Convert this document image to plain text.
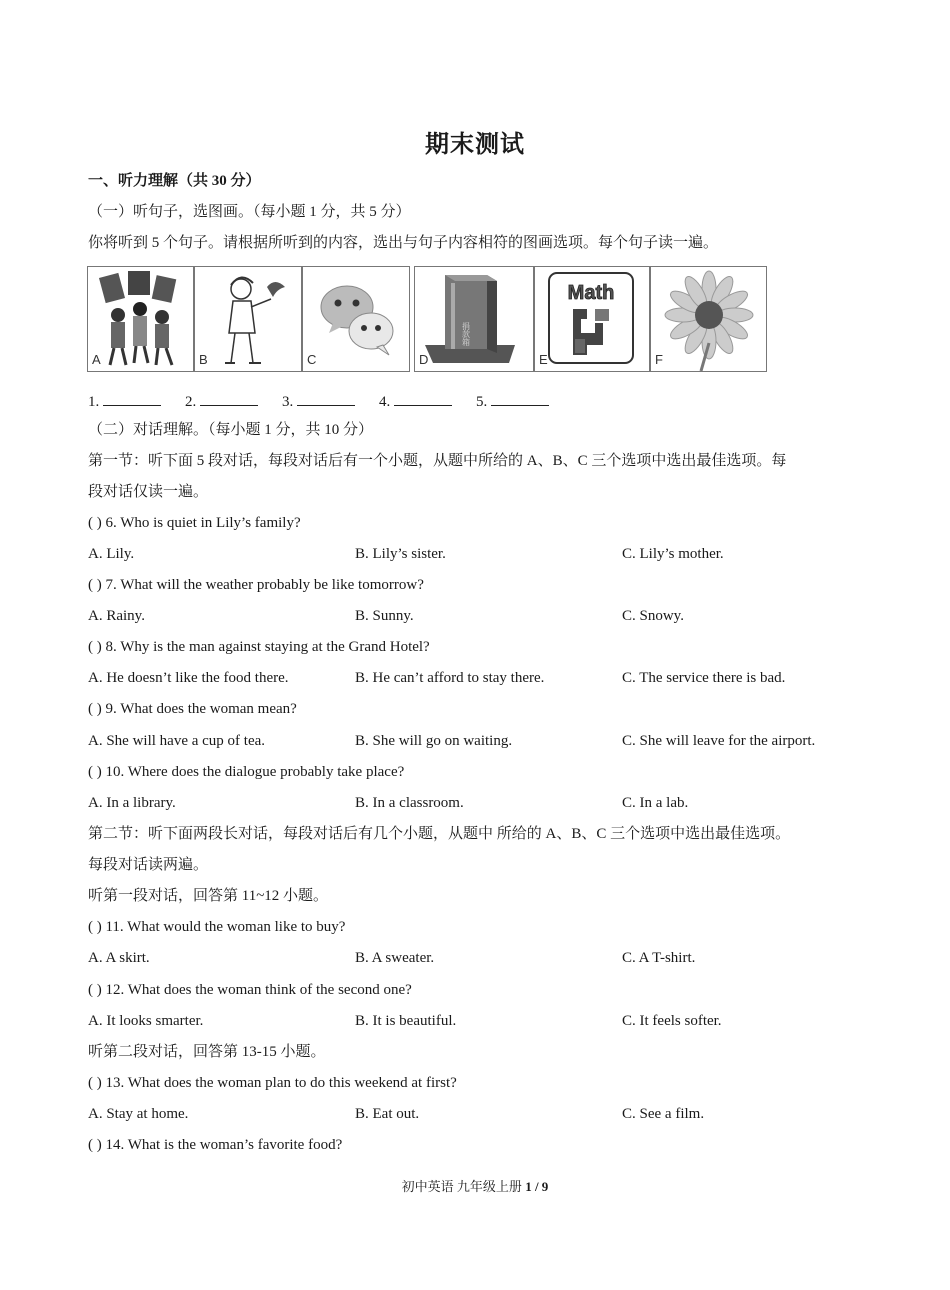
期末测试
一、听力理解（共 30 分）
（一）听句子，选图画。（每小题 1 分，共 5 分）
你将听到 5 个句子。请根据所听到的内容，选出与句子内容相符的图画选项。每个句子读一遍。
A	B	C
捐款箱
D
Math
E	F
1.	2.	3.	4.	5.
（二）对话理解。（每小题 1 分，共 10 分）
第一节：听下面 5 段对话，每段对话后有一个小题，从题中所给的 A、B、C 三个选项中选出最佳选项。每
段对话仅读一遍。
( ) 6. Who is quiet in Lily’s family?
A. Lily.	B. Lily’s sister.	C. Lily’s mother.
( ) 7. What will the weather probably be like tomorrow?
A. Rainy.	B. Sunny.	C. Snowy.
( ) 8. Why is the man against staying at the Grand Hotel?
A. He doesn’t like the food there.	B. He can’t afford to stay there.	C. The service there is bad.
( ) 9. What does the woman mean?
A. She will have a cup of tea.	B. She will go on waiting.	C. She will leave for the airport.
( ) 10. Where does the dialogue probably take place?
A. In a library.	B. In a classroom.	C. In a lab.
第二节：听下面两段长对话，每段对话后有几个小题，从题中 所给的 A、B、C 三个选项中选出最佳选项。
每段对话读两遍。
听第一段对话，回答第 11~12 小题。
( ) 11. What would the woman like to buy?
A. A skirt.	B. A sweater.	C. A T-shirt.
( ) 12. What does the woman think of the second one?
A. It looks smarter.	B. It is beautiful.	C. It feels softer.
听第二段对话，回答第 13-15 小题。
( ) 13. What does the woman plan to do this weekend at first?
A. Stay at home.	B. Eat out.	C. See a film.
( ) 14. What is the woman’s favorite food?
初中英语 九年级上册 1 / 9
